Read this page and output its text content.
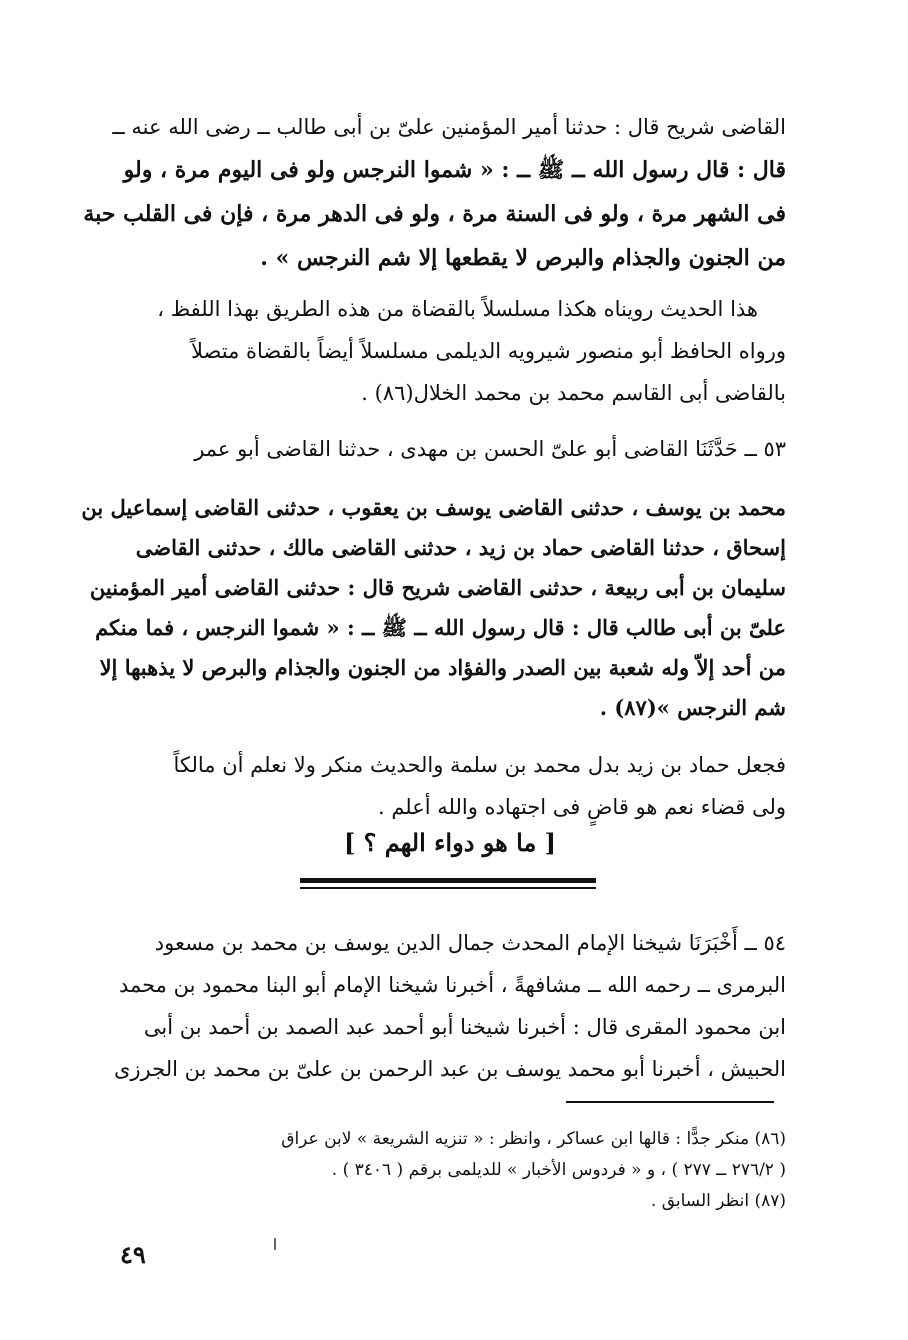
القاضى شريح قال : حدثنا أمير المؤمنين علىّ بن أبى طالب ــ رضى الله عنه ــ
قال : قال رسول الله ــ ﷺ ــ : « شموا النرجس ولو فى اليوم مرة ، ولو
فى الشهر مرة ، ولو فى السنة مرة ، ولو فى الدهر مرة ، فإن فى القلب حبة
من الجنون والجذام والبرص لا يقطعها إلا شم النرجس » .
هذا الحديث رويناه هكذا مسلسلاً بالقضاة من هذه الطريق بهذا اللفظ ،
ورواه الحافظ أبو منصور شيرويه الديلمى مسلسلاً أيضاً بالقضاة متصلاً
بالقاضى أبى القاسم محمد بن محمد الخلال(٨٦) .
٥٣ ــ حَدَّثَنَا القاضى أبو علىّ الحسن بن مهدى ، حدثنا القاضى أبو عمر
محمد بن يوسف ، حدثنى القاضى يوسف بن يعقوب ، حدثنى القاضى إسماعيل بن
إسحاق ، حدثنا القاضى حماد بن زيد ، حدثنى القاضى مالك ، حدثنى القاضى
سليمان بن أبى ربيعة ، حدثنى القاضى شريح قال : حدثنى القاضى أمير المؤمنين
علىّ بن أبى طالب قال : قال رسول الله ــ ﷺ ــ : « شموا النرجس ، فما منكم
من أحد إلاّ وله شعبة بين الصدر والفؤاد من الجنون والجذام والبرص لا يذهبها إلا
شم النرجس »(٨٧) .
فجعل حماد بن زيد بدل محمد بن سلمة والحديث منكر ولا نعلم أن مالكاً
ولى قضاء نعم هو قاضٍ فى اجتهاده والله أعلم .
[ ما هو دواء الهم ؟ ]
٥٤ ــ أَخْبَرَنَا شيخنا الإمام المحدث جمال الدين يوسف بن محمد بن مسعود
البرمرى ــ رحمه الله ــ مشافهةً ، أخبرنا شيخنا الإمام أبو البنا محمود بن محمد
ابن محمود المقرى قال : أخبرنا شيخنا أبو أحمد عبد الصمد بن أحمد بن أبى
الحبيش ، أخبرنا أبو محمد يوسف بن عبد الرحمن بن علىّ بن محمد بن الجرزى
(٨٦) منكر جدًّا : قالها ابن عساكر ، وانظر : « تنزيه الشريعة » لابن عراق
( ٢٧٦/٢ ــ ٢٧٧ ) ، و « فردوس الأخبار » للديلمى برقم ( ٣٤٠٦ ) .
(٨٧) انظر السابق .
٤٩
